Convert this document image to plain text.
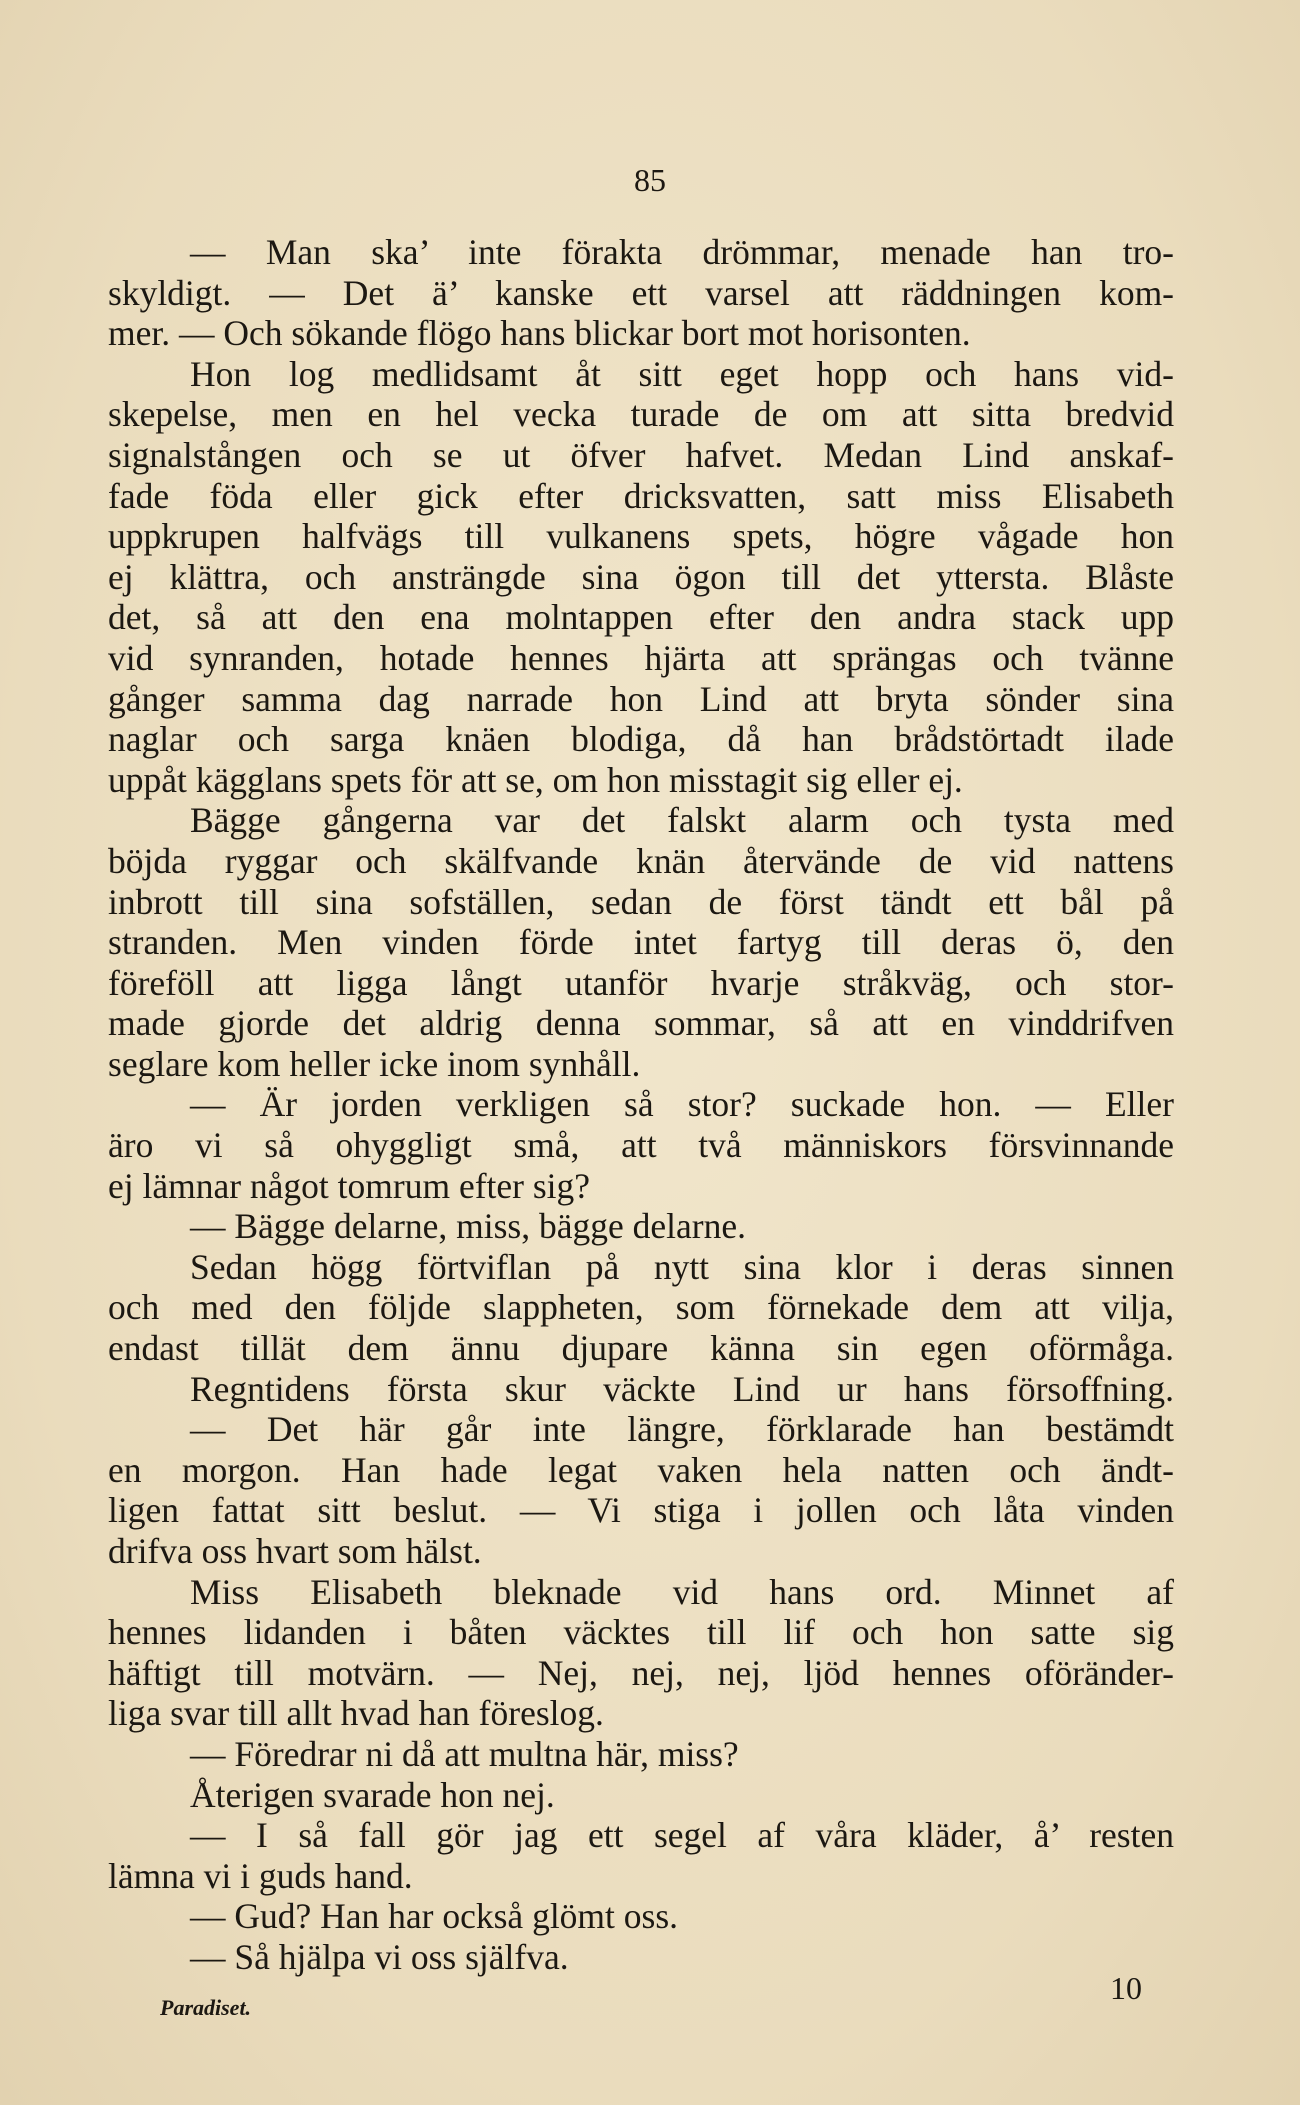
85
— Man ska’ inte förakta drömmar, menade han tro-
skyldigt. — Det ä’ kanske ett varsel att räddningen kom-
mer. — Och sökande flögo hans blickar bort mot horisonten.
Hon log medlidsamt åt sitt eget hopp och hans vid-
skepelse, men en hel vecka turade de om att sitta bredvid
signalstången och se ut öfver hafvet. Medan Lind anskaf-
fade föda eller gick efter dricksvatten, satt miss Elisabeth
uppkrupen halfvägs till vulkanens spets, högre vågade hon
ej klättra, och ansträngde sina ögon till det yttersta. Blåste
det, så att den ena molntappen efter den andra stack upp
vid synranden, hotade hennes hjärta att sprängas och tvänne
gånger samma dag narrade hon Lind att bryta sönder sina
naglar och sarga knäen blodiga, då han brådstörtadt ilade
uppåt kägglans spets för att se, om hon misstagit sig eller ej.
Bägge gångerna var det falskt alarm och tysta med
böjda ryggar och skälfvande knän återvände de vid nattens
inbrott till sina sofställen, sedan de först tändt ett bål på
stranden. Men vinden förde intet fartyg till deras ö, den
föreföll att ligga långt utanför hvarje stråkväg, och stor-
made gjorde det aldrig denna sommar, så att en vinddrifven
seglare kom heller icke inom synhåll.
— Är jorden verkligen så stor? suckade hon. — Eller
äro vi så ohyggligt små, att två människors försvinnande
ej lämnar något tomrum efter sig?
— Bägge delarne, miss, bägge delarne.
Sedan högg förtviflan på nytt sina klor i deras sinnen
och med den följde slappheten, som förnekade dem att vilja,
endast tillät dem ännu djupare känna sin egen oförmåga.
Regntidens första skur väckte Lind ur hans försoffning.
— Det här går inte längre, förklarade han bestämdt
en morgon. Han hade legat vaken hela natten och ändt-
ligen fattat sitt beslut. — Vi stiga i jollen och låta vinden
drifva oss hvart som hälst.
Miss Elisabeth bleknade vid hans ord. Minnet af
hennes lidanden i båten väcktes till lif och hon satte sig
häftigt till motvärn. — Nej, nej, nej, ljöd hennes oföränder-
liga svar till allt hvad han föreslog.
— Föredrar ni då att multna här, miss?
Återigen svarade hon nej.
— I så fall gör jag ett segel af våra kläder, å’ resten
lämna vi i guds hand.
— Gud? Han har också glömt oss.
— Så hjälpa vi oss själfva.
Paradiset.
10
